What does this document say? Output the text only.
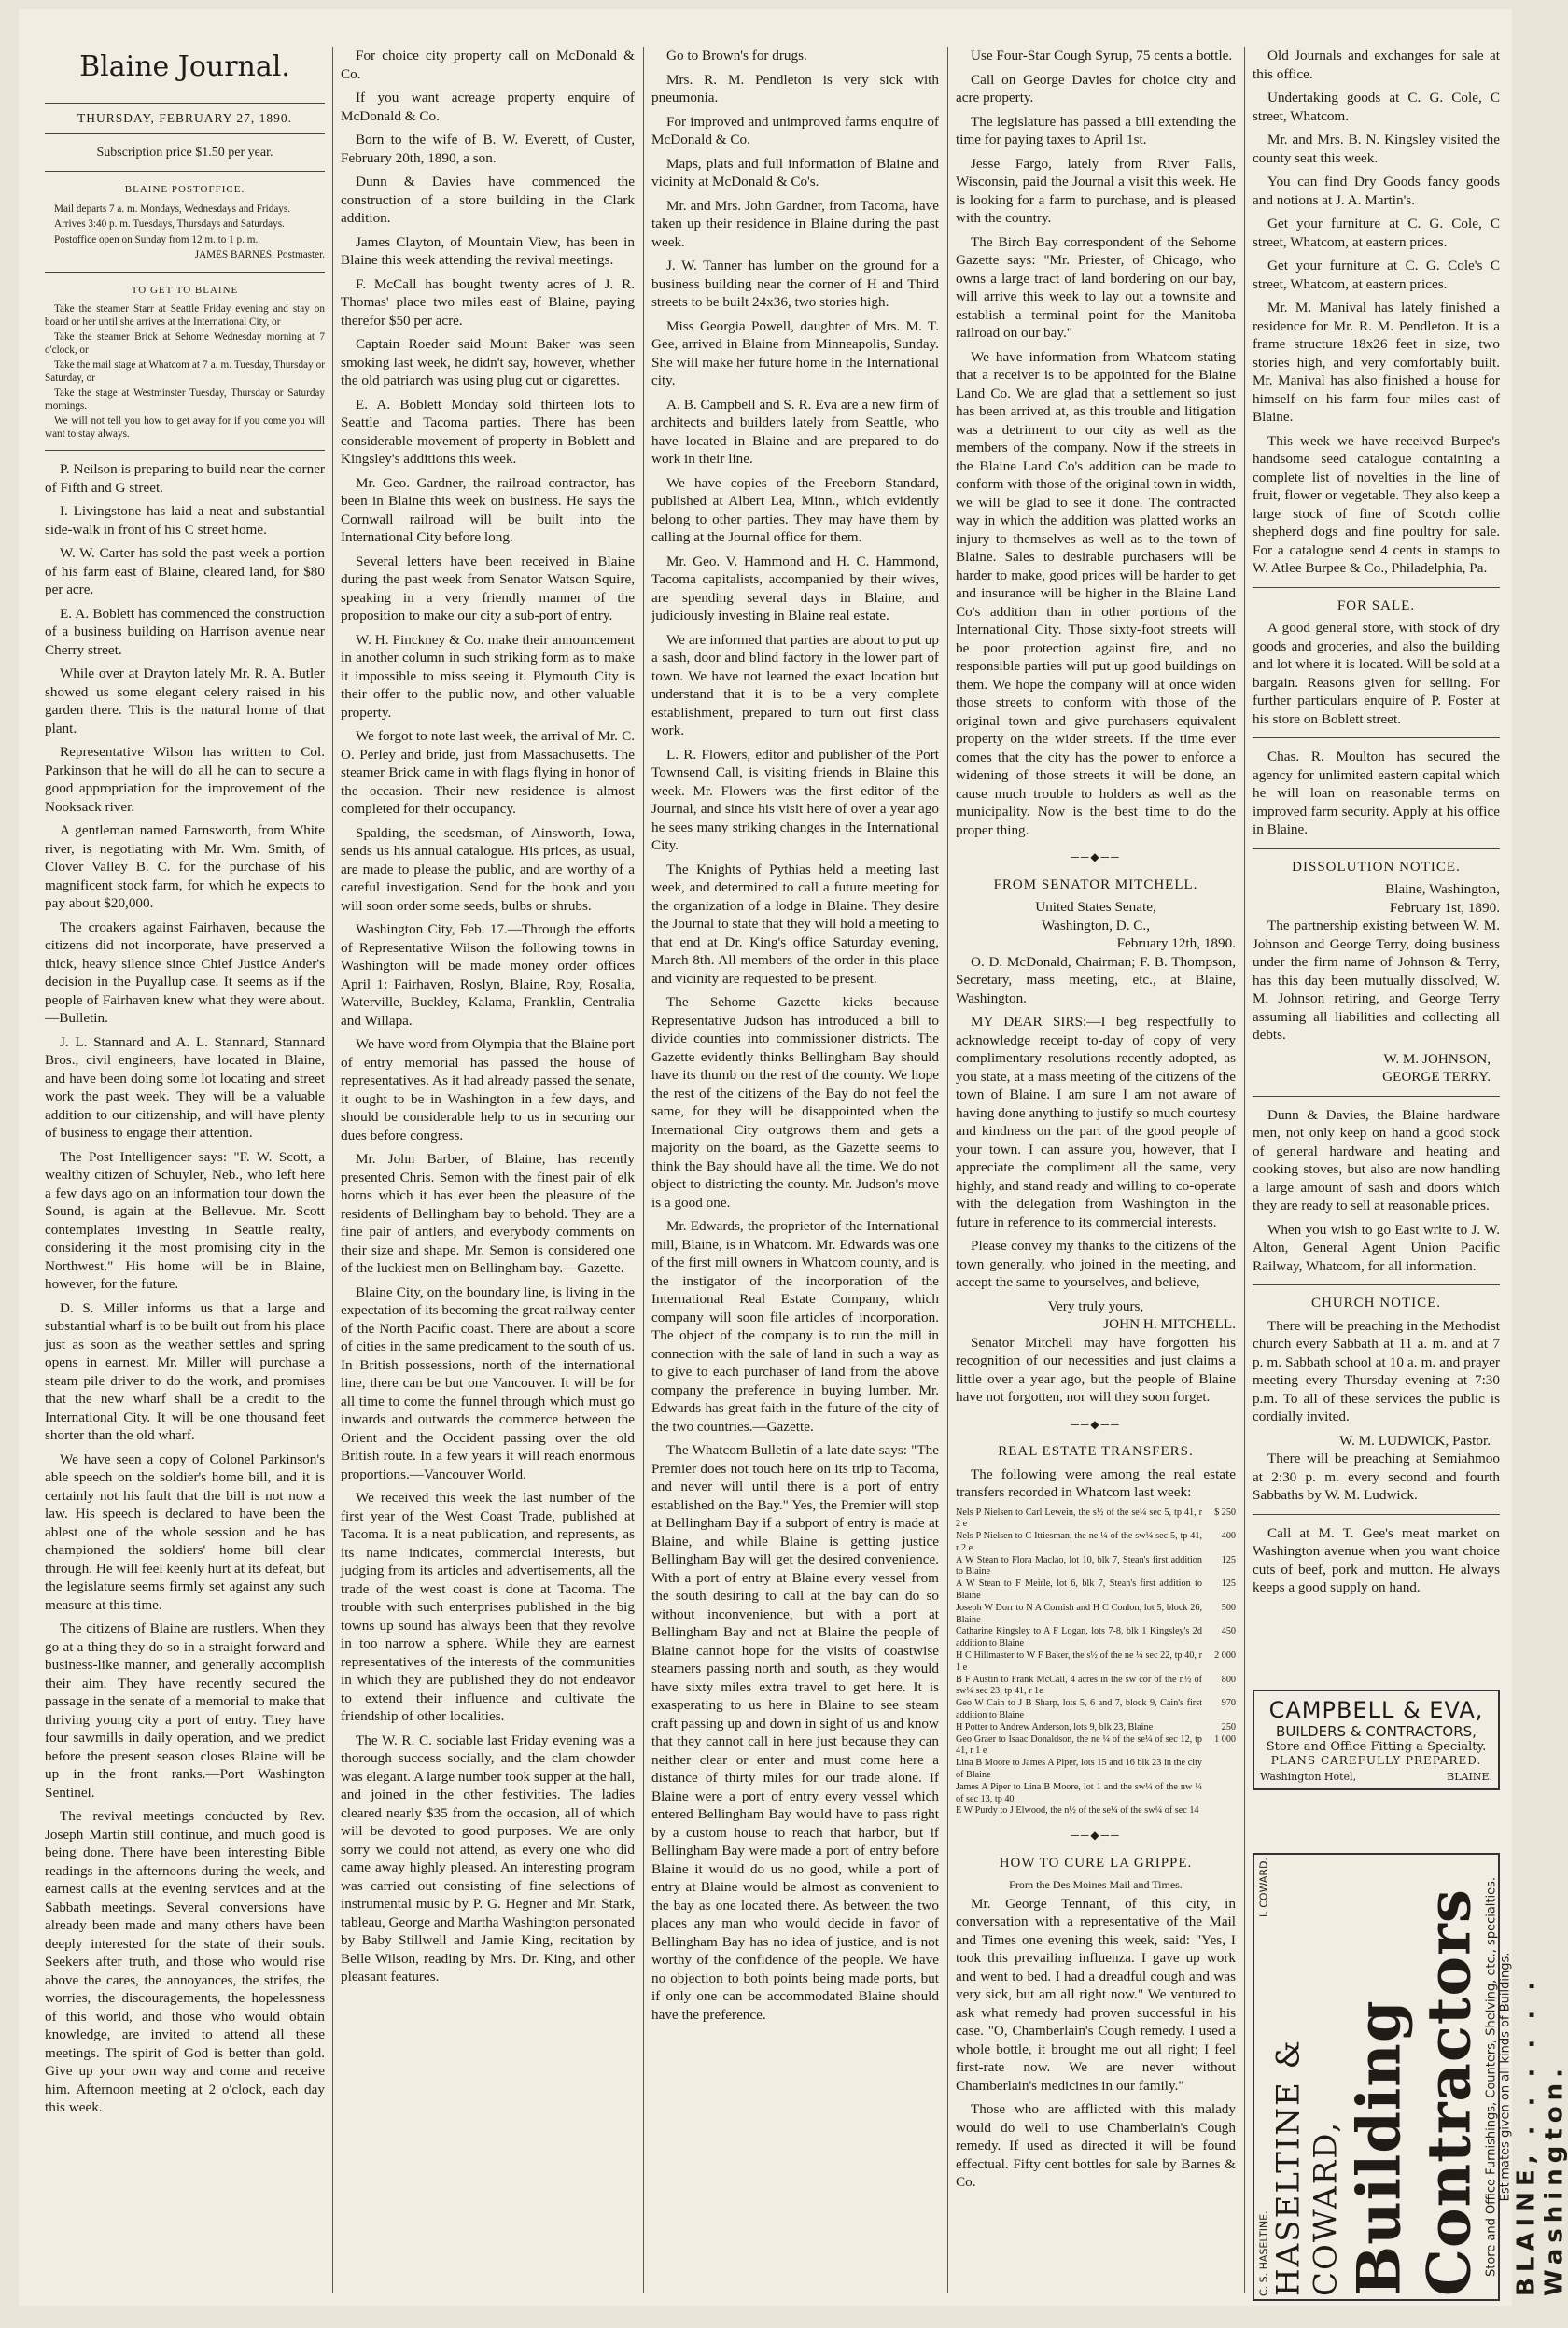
Blaine Journal.
THURSDAY, FEBRUARY 27, 1890.
Subscription price $1.50 per year.
BLAINE POSTOFFICE.

Mail departs 7 a. m. Mondays, Wednesdays and Fridays.

Arrives 3:40 p. m. Tuesdays, Thursdays and Saturdays.

Postoffice open on Sunday from 12 m. to 1 p. m.

JAMES BARNES, Postmaster.
TO GET TO BLAINE

Take the steamer Starr at Seattle Friday evening and stay on board or her until she arrives at the International City, or

Take the steamer Brick at Sehome Wednesday morning at 7 o'clock, or

Take the mail stage at Whatcom at 7 a. m. Tuesday, Thursday or Saturday, or

Take the stage at Westminster Tuesday, Thursday or Saturday mornings.

We will not tell you how to get away for if you come you will want to stay always.

P. Neilson is preparing to build near the corner of Fifth and G street.

I. Livingstone has laid a neat and substantial side-walk in front of his C street home.

W. W. Carter has sold the past week a portion of his farm east of Blaine, cleared land, for $80 per acre.

E. A. Boblett has commenced the construction of a business building on Harrison avenue near Cherry street.

While over at Drayton lately Mr. R. A. Butler showed us some elegant celery raised in his garden there. This is the natural home of that plant.

Representative Wilson has written to Col. Parkinson that he will do all he can to secure a good appropriation for the improvement of the Nooksack river.

A gentleman named Farnsworth, from White river, is negotiating with Mr. Wm. Smith, of Clover Valley B. C. for the purchase of his magnificent stock farm, for which he expects to pay about $20,000.

The croakers against Fairhaven, because the citizens did not incorporate, have preserved a thick, heavy silence since Chief Justice Ander's decision in the Puyallup case. It seems as if the people of Fairhaven knew what they were about.—Bulletin.

J. L. Stannard and A. L. Stannard, Stannard Bros., civil engineers, have located in Blaine, and have been doing some lot locating and street work the past week. They will be a valuable addition to our citizenship, and will have plenty of business to engage their attention.

The Post Intelligencer says: "F. W. Scott, a wealthy citizen of Schuyler, Neb., who left here a few days ago on an information tour down the Sound, is again at the Bellevue. Mr. Scott contemplates investing in Seattle realty, considering it the most promising city in the Northwest." His home will be in Blaine, however, for the future.

D. S. Miller informs us that a large and substantial wharf is to be built out from his place just as soon as the weather settles and spring opens in earnest. Mr. Miller will purchase a steam pile driver to do the work, and promises that the new wharf shall be a credit to the International City. It will be one thousand feet shorter than the old wharf.

We have seen a copy of Colonel Parkinson's able speech on the soldier's home bill, and it is certainly not his fault that the bill is not now a law. His speech is declared to have been the ablest one of the whole session and he has championed the soldiers' home bill clear through. He will feel keenly hurt at its defeat, but the legislature seems firmly set against any such measure at this time.

The citizens of Blaine are rustlers. When they go at a thing they do so in a straight forward and business-like manner, and generally accomplish their aim. They have recently secured the passage in the senate of a memorial to make that thriving young city a port of entry. They have four sawmills in daily operation, and we predict before the present season closes Blaine will be up in the front ranks.—Port Washington Sentinel.

The revival meetings conducted by Rev. Joseph Martin still continue, and much good is being done. There have been interesting Bible readings in the afternoons during the week, and earnest calls at the evening services and at the Sabbath meetings. Several conversions have already been made and many others have been deeply interested for the state of their souls. Seekers after truth, and those who would rise above the cares, the annoyances, the strifes, the worries, the discouragements, the hopelessness of this world, and those who would obtain knowledge, are invited to attend all these meetings. The spirit of God is better than gold. Give up your own way and come and receive him. Afternoon meeting at 2 o'clock, each day this week.

For choice city property call on McDonald & Co.

If you want acreage property enquire of McDonald & Co.

Born to the wife of B. W. Everett, of Custer, February 20th, 1890, a son.

Dunn & Davies have commenced the construction of a store building in the Clark addition.

James Clayton, of Mountain View, has been in Blaine this week attending the revival meetings.

F. McCall has bought twenty acres of J. R. Thomas' place two miles east of Blaine, paying therefor $50 per acre.

Captain Roeder said Mount Baker was seen smoking last week, he didn't say, however, whether the old patriarch was using plug cut or cigarettes.

E. A. Boblett Monday sold thirteen lots to Seattle and Tacoma parties. There has been considerable movement of property in Boblett and Kingsley's additions this week.

Mr. Geo. Gardner, the railroad contractor, has been in Blaine this week on business. He says the Cornwall railroad will be built into the International City before long.

Several letters have been received in Blaine during the past week from Senator Watson Squire, speaking in a very friendly manner of the proposition to make our city a sub-port of entry.

W. H. Pinckney & Co. make their announcement in another column in such striking form as to make it impossible to miss seeing it. Plymouth City is their offer to the public now, and other valuable property.

We forgot to note last week, the arrival of Mr. C. O. Perley and bride, just from Massachusetts. The steamer Brick came in with flags flying in honor of the occasion. Their new residence is almost completed for their occupancy.

Spalding, the seedsman, of Ainsworth, Iowa, sends us his annual catalogue. His prices, as usual, are made to please the public, and are worthy of a careful investigation. Send for the book and you will soon order some seeds, bulbs or shrubs.

Washington City, Feb. 17.—Through the efforts of Representative Wilson the following towns in Washington will be made money order offices April 1: Fairhaven, Roslyn, Blaine, Roy, Rosalia, Waterville, Buckley, Kalama, Franklin, Centralia and Willapa.

We have word from Olympia that the Blaine port of entry memorial has passed the house of representatives. As it had already passed the senate, it ought to be in Washington in a few days, and should be considerable help to us in securing our dues before congress.

Mr. John Barber, of Blaine, has recently presented Chris. Semon with the finest pair of elk horns which it has ever been the pleasure of the residents of Bellingham bay to behold. They are a fine pair of antlers, and everybody comments on their size and shape. Mr. Semon is considered one of the luckiest men on Bellingham bay.—Gazette.

Blaine City, on the boundary line, is living in the expectation of its becoming the great railway center of the North Pacific coast. There are about a score of cities in the same predicament to the south of us. In British possessions, north of the international line, there can be but one Vancouver. It will be for all time to come the funnel through which must go inwards and outwards the commerce between the Orient and the Occident passing over the old British route. In a few years it will reach enormous proportions.—Vancouver World.

We received this week the last number of the first year of the West Coast Trade, published at Tacoma. It is a neat publication, and represents, as its name indicates, commercial interests, but judging from its articles and advertisements, all the trade of the west coast is done at Tacoma. The trouble with such enterprises published in the big towns up sound has always been that they revolve in too narrow a sphere. While they are earnest representatives of the interests of the communities in which they are published they do not endeavor to extend their influence and cultivate the friendship of other localities.

The W. R. C. sociable last Friday evening was a thorough success socially, and the clam chowder was elegant. A large number took supper at the hall, and joined in the other festivities. The ladies cleared nearly $35 from the occasion, all of which will be devoted to good purposes. We are only sorry we could not attend, as every one who did came away highly pleased. An interesting program was carried out consisting of fine selections of instrumental music by P. G. Hegner and Mr. Stark, tableau, George and Martha Washington personated by Baby Stillwell and Jamie King, recitation by Belle Wilson, reading by Mrs. Dr. King, and other pleasant features.

Go to Brown's for drugs.

Mrs. R. M. Pendleton is very sick with pneumonia.

For improved and unimproved farms enquire of McDonald & Co.

Maps, plats and full information of Blaine and vicinity at McDonald & Co's.

Mr. and Mrs. John Gardner, from Tacoma, have taken up their residence in Blaine during the past week.

J. W. Tanner has lumber on the ground for a business building near the corner of H and Third streets to be built 24x36, two stories high.

Miss Georgia Powell, daughter of Mrs. M. T. Gee, arrived in Blaine from Minneapolis, Sunday. She will make her future home in the International city.

A. B. Campbell and S. R. Eva are a new firm of architects and builders lately from Seattle, who have located in Blaine and are prepared to do work in their line.

We have copies of the Freeborn Standard, published at Albert Lea, Minn., which evidently belong to other parties. They may have them by calling at the Journal office for them.

Mr. Geo. V. Hammond and H. C. Hammond, Tacoma capitalists, accompanied by their wives, are spending several days in Blaine, and judiciously investing in Blaine real estate.

We are informed that parties are about to put up a sash, door and blind factory in the lower part of town. We have not learned the exact location but understand that it is to be a very complete establishment, prepared to turn out first class work.

L. R. Flowers, editor and publisher of the Port Townsend Call, is visiting friends in Blaine this week. Mr. Flowers was the first editor of the Journal, and since his visit here of over a year ago he sees many striking changes in the International City.

The Knights of Pythias held a meeting last week, and determined to call a future meeting for the organization of a lodge in Blaine. They desire the Journal to state that they will hold a meeting to that end at Dr. King's office Saturday evening, March 8th. All members of the order in this place and vicinity are requested to be present.

The Sehome Gazette kicks because Representative Judson has introduced a bill to divide counties into commissioner districts. The Gazette evidently thinks Bellingham Bay should have its thumb on the rest of the county. We hope the rest of the citizens of the Bay do not feel the same, for they will be disappointed when the International City outgrows them and gets a majority on the board, as the Gazette seems to think the Bay should have all the time. We do not object to districting the county. Mr. Judson's move is a good one.

Mr. Edwards, the proprietor of the International mill, Blaine, is in Whatcom. Mr. Edwards was one of the first mill owners in Whatcom county, and is the instigator of the incorporation of the International Real Estate Company, which company will soon file articles of incorporation. The object of the company is to run the mill in connection with the sale of land in such a way as to give to each purchaser of land from the above company the preference in buying lumber. Mr. Edwards has great faith in the future of the city of the two countries.—Gazette.

The Whatcom Bulletin of a late date says: "The Premier does not touch here on its trip to Tacoma, and never will until there is a port of entry established on the Bay." Yes, the Premier will stop at Bellingham Bay if a subport of entry is made at Blaine, and while Blaine is getting justice Bellingham Bay will get the desired convenience. With a port of entry at Blaine every vessel from the south desiring to call at the bay can do so without inconvenience, but with a port at Bellingham Bay and not at Blaine the people of Blaine cannot hope for the visits of coastwise steamers passing north and south, as they would have sixty miles extra travel to get here. It is exasperating to us here in Blaine to see steam craft passing up and down in sight of us and know that they cannot call in here just because they can neither clear or enter and must come here a distance of thirty miles for our trade alone. If Blaine were a port of entry every vessel which entered Bellingham Bay would have to pass right by a custom house to reach that harbor, but if Bellingham Bay were made a port of entry before Blaine it would do us no good, while a port of entry at Blaine would be almost as convenient to the bay as one located there. As between the two places any man who would decide in favor of Bellingham Bay has no idea of justice, and is not worthy of the confidence of the people. We have no objection to both points being made ports, but if only one can be accommodated Blaine should have the preference.

Use Four-Star Cough Syrup, 75 cents a bottle.

Call on George Davies for choice city and acre property.

The legislature has passed a bill extending the time for paying taxes to April 1st.

Jesse Fargo, lately from River Falls, Wisconsin, paid the Journal a visit this week. He is looking for a farm to purchase, and is pleased with the country.

The Birch Bay correspondent of the Sehome Gazette says: "Mr. Priester, of Chicago, who owns a large tract of land bordering on our bay, will arrive this week to lay out a townsite and establish a terminal point for the Manitoba railroad on our bay."

We have information from Whatcom stating that a receiver is to be appointed for the Blaine Land Co. We are glad that a settlement so just has been arrived at, as this trouble and litigation was a detriment to our city as well as the members of the company. Now if the streets in the Blaine Land Co's addition can be made to conform with those of the original town in width, we will be glad to see it done. The contracted way in which the addition was platted works an injury to themselves as well as to the town of Blaine. Sales to desirable purchasers will be harder to make, good prices will be harder to get and insurance will be higher in the Blaine Land Co's addition than in other portions of the International City. Those sixty-foot streets will be poor protection against fire, and no responsible parties will put up good buildings on them. We hope the company will at once widen those streets to conform with those of the original town and give purchasers equivalent property on the wider streets. If the time ever comes that the city has the power to enforce a widening of those streets it will be done, an cause much trouble to holders as well as the municipality. Now is the best time to do the proper thing.

──◆──
FROM SENATOR MITCHELL.
United States Senate,
Washington, D. C.,
February 12th, 1890.

O. D. McDonald, Chairman; F. B. Thompson, Secretary, mass meeting, etc., at Blaine, Washington.

MY DEAR SIRS:—I beg respectfully to acknowledge receipt to-day of copy of very complimentary resolutions recently adopted, as you state, at a mass meeting of the citizens of the town of Blaine. I am sure I am not aware of having done anything to justify so much courtesy and kindness on the part of the good people of your town. I can assure you, however, that I appreciate the compliment all the same, very highly, and stand ready and willing to co-operate with the delegation from Washington in the future in reference to its commercial interests.

Please convey my thanks to the citizens of the town generally, who joined in the meeting, and accept the same to yourselves, and believe,

Very truly yours,
JOHN H. MITCHELL.

Senator Mitchell may have forgotten his recognition of our necessities and just claims a little over a year ago, but the people of Blaine have not forgotten, nor will they soon forget.

──◆──
REAL ESTATE TRANSFERS.

The following were among the real estate transfers recorded in Whatcom last week:

Nels P Nielsen to Carl Lewein, the s½ of the se¼ sec 5, tp 41, r 2 e	$ 250
Nels P Nielsen to C Ittiesman, the ne ¼ of the sw¼ sec 5, tp 41, r 2 e	400
A W Stean to Flora Maclao, lot 10, blk 7, Stean's first addition to Blaine	125
A W Stean to F Meirle, lot 6, blk 7, Stean's first addition to Blaine	125
Joseph W Dorr to N A Cornish and H C Conlon, lot 5, block 26, Blaine	500
Catharine Kingsley to A F Logan, lots 7-8, blk 1 Kingsley's 2d addition to Blaine	450
H C Hillmaster to W F Baker, the s½ of the ne ¼ sec 22, tp 40, r 1 e	2 000
B F Austin to Frank McCall, 4 acres in the sw cor of the n½ of sw¼ sec 23, tp 41, r 1e	800
Geo W Cain to J B Sharp, lots 5, 6 and 7, block 9, Cain's first addition to Blaine	970
H Potter to Andrew Anderson, lots 9, blk 23, Blaine	250
Geo Graer to Isaac Donaldson, the ne ¼ of the se¼ of sec 12, tp 41, r 1 e	1 000
Lina B Moore to James A Piper, lots 15 and 16 blk 23 in the city of Blaine	
James A Piper to Lina B Moore, lot 1 and the sw¼ of the nw ¼ of sec 13, tp 40	
E W Purdy to J Elwood, the n½ of the se¼ of the sw¼ of sec 14	
──◆──
HOW TO CURE LA GRIPPE.
From the Des Moines Mail and Times.

Mr. George Tennant, of this city, in conversation with a representative of the Mail and Times one evening this week, said: "Yes, I took this prevailing influenza. I gave up work and went to bed. I had a dreadful cough and was very sick, but am all right now." We ventured to ask what remedy had proven successful in his case. "O, Chamberlain's Cough remedy. I used a whole bottle, it brought me out all right; I feel first-rate now. We are never without Chamberlain's medicines in our family."

Those who are afflicted with this malady would do well to use Chamberlain's Cough remedy. If used as directed it will be found effectual. Fifty cent bottles for sale by Barnes & Co.

Old Journals and exchanges for sale at this office.

Undertaking goods at C. G. Cole, C street, Whatcom.

Mr. and Mrs. B. N. Kingsley visited the county seat this week.

You can find Dry Goods fancy goods and notions at J. A. Martin's.

Get your furniture at C. G. Cole, C street, Whatcom, at eastern prices.

Get your furniture at C. G. Cole's C street, Whatcom, at eastern prices.

Mr. M. Manival has lately finished a residence for Mr. R. M. Pendleton. It is a frame structure 18x26 feet in size, two stories high, and very comfortably built. Mr. Manival has also finished a house for himself on his farm four miles east of Blaine.

This week we have received Burpee's handsome seed catalogue containing a complete list of novelties in the line of fruit, flower or vegetable. They also keep a large stock of fine of Scotch collie shepherd dogs and fine poultry for sale. For a catalogue send 4 cents in stamps to W. Atlee Burpee & Co., Philadelphia, Pa.

FOR SALE.

A good general store, with stock of dry goods and groceries, and also the building and lot where it is located. Will be sold at a bargain. Reasons given for selling. For further particulars enquire of P. Foster at his store on Boblett street.

Chas. R. Moulton has secured the agency for unlimited eastern capital which he will loan on reasonable terms on improved farm security. Apply at his office in Blaine.

DISSOLUTION NOTICE.
Blaine, Washington,
February 1st, 1890.

The partnership existing between W. M. Johnson and George Terry, doing business under the firm name of Johnson & Terry, has this day been mutually dissolved, W. M. Johnson retiring, and George Terry assuming all liabilities and collecting all debts.

W. M. JOHNSON,
GEORGE TERRY.

Dunn & Davies, the Blaine hardware men, not only keep on hand a good stock of general hardware and heating and cooking stoves, but also are now handling a large amount of sash and doors which they are ready to sell at reasonable prices.

When you wish to go East write to J. W. Alton, General Agent Union Pacific Railway, Whatcom, for all information.

CHURCH NOTICE.

There will be preaching in the Methodist church every Sabbath at 11 a. m. and at 7 p. m. Sabbath school at 10 a. m. and prayer meeting every Thursday evening at 7:30 p.m. To all of these services the public is cordially invited.

W. M. LUDWICK, Pastor.

There will be preaching at Semiahmoo at 2:30 p. m. every second and fourth Sabbaths by W. M. Ludwick.

Call at M. T. Gee's meat market on Washington avenue when you want choice cuts of beef, pork and mutton. He always keeps a good supply on hand.

CAMPBELL & EVA,
BUILDERS & CONTRACTORS,
Store and Office Fitting a Specialty.
PLANS CAREFULLY PREPARED.
Washington Hotel,	BLAINE.
C. S. HASELTINE.
I. COWARD.
HASELTINE & COWARD, Building Contractors Store and Office Furnishings, Counters, Shelving, etc., specialties. Estimates given on all kinds of Buildings. BLAINE, . . . . . . Washington.
